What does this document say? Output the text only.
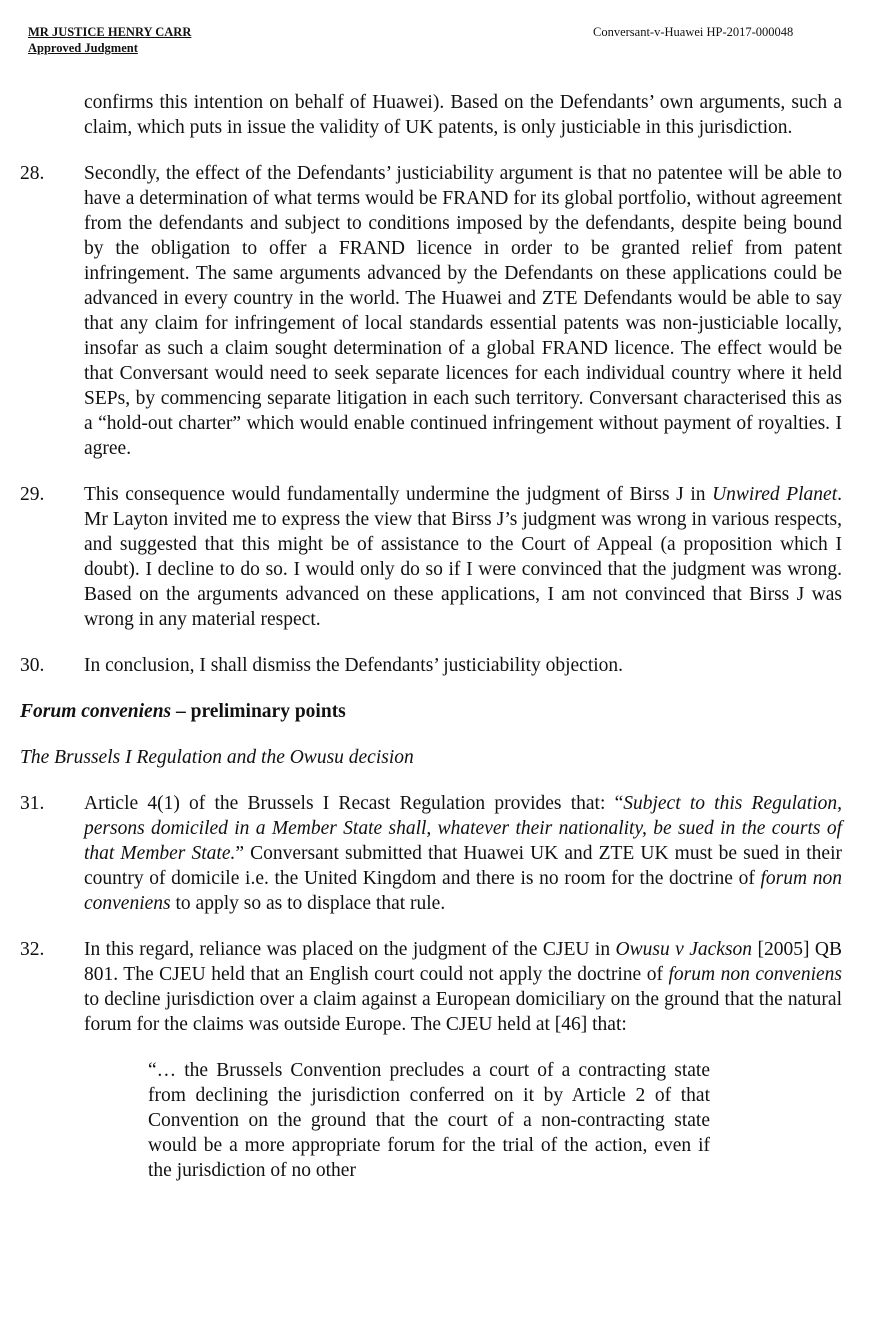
MR JUSTICE HENRY CARR
Approved Judgment
Conversant-v-Huawei HP-2017-000048
confirms this intention on behalf of Huawei). Based on the Defendants’ own arguments, such a claim, which puts in issue the validity of UK patents, is only justiciable in this jurisdiction.
28.	Secondly, the effect of the Defendants’ justiciability argument is that no patentee will be able to have a determination of what terms would be FRAND for its global portfolio, without agreement from the defendants and subject to conditions imposed by the defendants, despite being bound by the obligation to offer a FRAND licence in order to be granted relief from patent infringement. The same arguments advanced by the Defendants on these applications could be advanced in every country in the world. The Huawei and ZTE Defendants would be able to say that any claim for infringement of local standards essential patents was non-justiciable locally, insofar as such a claim sought determination of a global FRAND licence. The effect would be that Conversant would need to seek separate licences for each individual country where it held SEPs, by commencing separate litigation in each such territory. Conversant characterised this as a “hold-out charter” which would enable continued infringement without payment of royalties. I agree.
29.	This consequence would fundamentally undermine the judgment of Birss J in Unwired Planet. Mr Layton invited me to express the view that Birss J’s judgment was wrong in various respects, and suggested that this might be of assistance to the Court of Appeal (a proposition which I doubt). I decline to do so. I would only do so if I were convinced that the judgment was wrong. Based on the arguments advanced on these applications, I am not convinced that Birss J was wrong in any material respect.
30.	In conclusion, I shall dismiss the Defendants’ justiciability objection.
Forum conveniens – preliminary points
The Brussels I Regulation and the Owusu decision
31.	Article 4(1) of the Brussels I Recast Regulation provides that: “Subject to this Regulation, persons domiciled in a Member State shall, whatever their nationality, be sued in the courts of that Member State.” Conversant submitted that Huawei UK and ZTE UK must be sued in their country of domicile i.e. the United Kingdom and there is no room for the doctrine of forum non conveniens to apply so as to displace that rule.
32.	In this regard, reliance was placed on the judgment of the CJEU in Owusu v Jackson [2005] QB 801. The CJEU held that an English court could not apply the doctrine of forum non conveniens to decline jurisdiction over a claim against a European domiciliary on the ground that the natural forum for the claims was outside Europe. The CJEU held at [46] that:
“… the Brussels Convention precludes a court of a contracting state from declining the jurisdiction conferred on it by Article 2 of that Convention on the ground that the court of a non-contracting state would be a more appropriate forum for the trial of the action, even if the jurisdiction of no other
